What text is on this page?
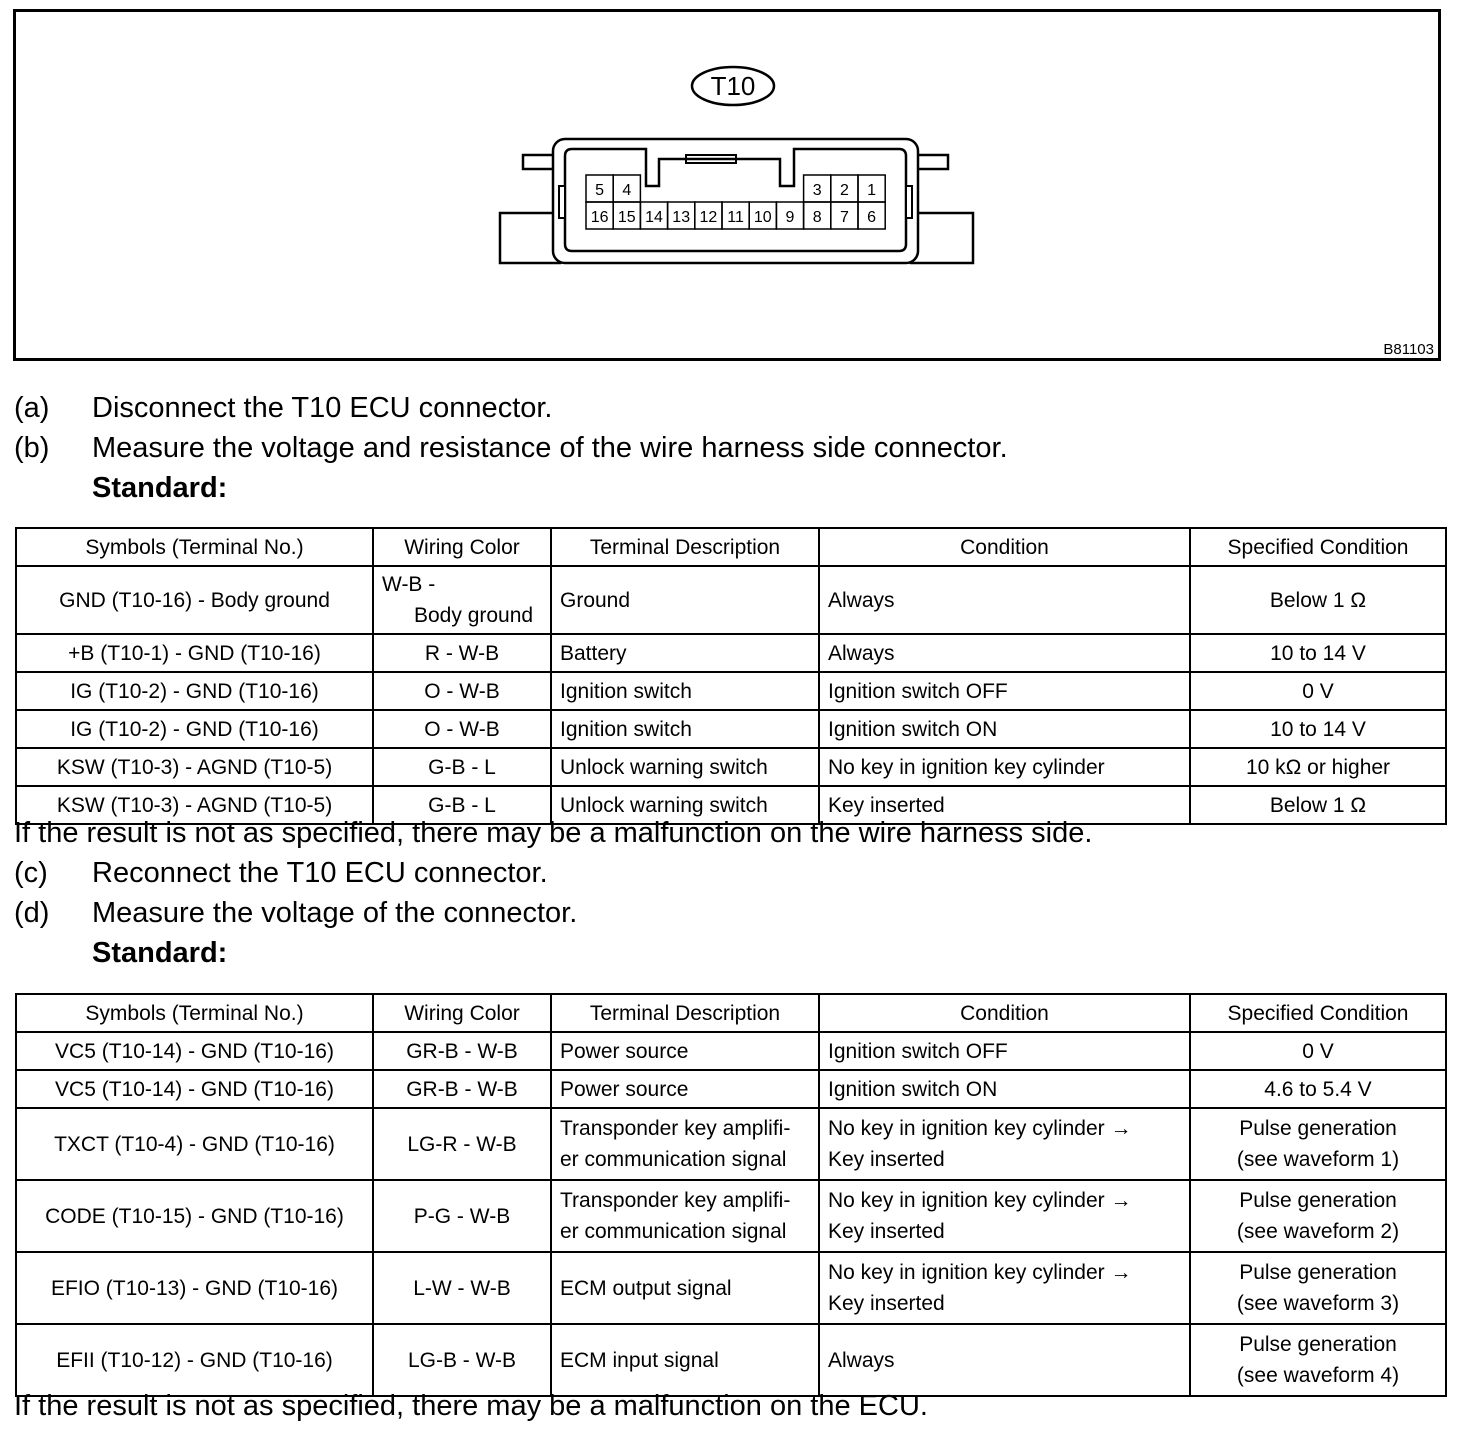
T10
16 15 14 13 12 11 10 9 8 7 6
5 4	3 2 1
B81103
(a) Disconnect the T10 ECU connector.
(b) Measure the voltage and resistance of the wire harness side connector.
Standard:
Symbols (Terminal No.)	Wiring Color	Terminal Description	Condition	Specified Condition
GND (T10-16) - Body ground	W-B -
Body ground	Ground	Always	Below 1 Ω
+B (T10-1) - GND (T10-16)	R - W-B	Battery	Always	10 to 14 V
IG (T10-2) - GND (T10-16)	O - W-B	Ignition switch	Ignition switch OFF	0 V
IG (T10-2) - GND (T10-16)	O - W-B	Ignition switch	Ignition switch ON	10 to 14 V
KSW (T10-3) - AGND (T10-5)	G-B - L	Unlock warning switch	No key in ignition key cylinder	10 kΩ or higher
KSW (T10-3) - AGND (T10-5)	G-B - L	Unlock warning switch	Key inserted	Below 1 Ω
If the result is not as specified, there may be a malfunction on the wire harness side.
(c) Reconnect the T10 ECU connector.
(d) Measure the voltage of the connector.
Standard:
Symbols (Terminal No.)	Wiring Color	Terminal Description	Condition	Specified Condition

VC5 (T10-14) - GND (T10-16)	GR-B - W-B	Power source	Ignition switch OFF	0 V

VC5 (T10-14) - GND (T10-16)	GR-B - W-B	Power source	Ignition switch ON	4.6 to 5.4 V

TXCT (T10-4) - GND (T10-16)	LG-R - W-B	Transponder key amplifi-
er communication signal	No key in ignition key cylinder →
Key inserted	Pulse generation
(see waveform 1)

CODE (T10-15) - GND (T10-16)	P-G - W-B	Transponder key amplifi-
er communication signal	No key in ignition key cylinder →
Key inserted	Pulse generation
(see waveform 2)

EFIO (T10-13) - GND (T10-16)	L-W - W-B	ECM output signal	No key in ignition key cylinder →
Key inserted	Pulse generation
(see waveform 3)

EFII (T10-12) - GND (T10-16)	LG-B - W-B	ECM input signal	Always	Pulse generation
(see waveform 4)
If the result is not as specified, there may be a malfunction on the ECU.
